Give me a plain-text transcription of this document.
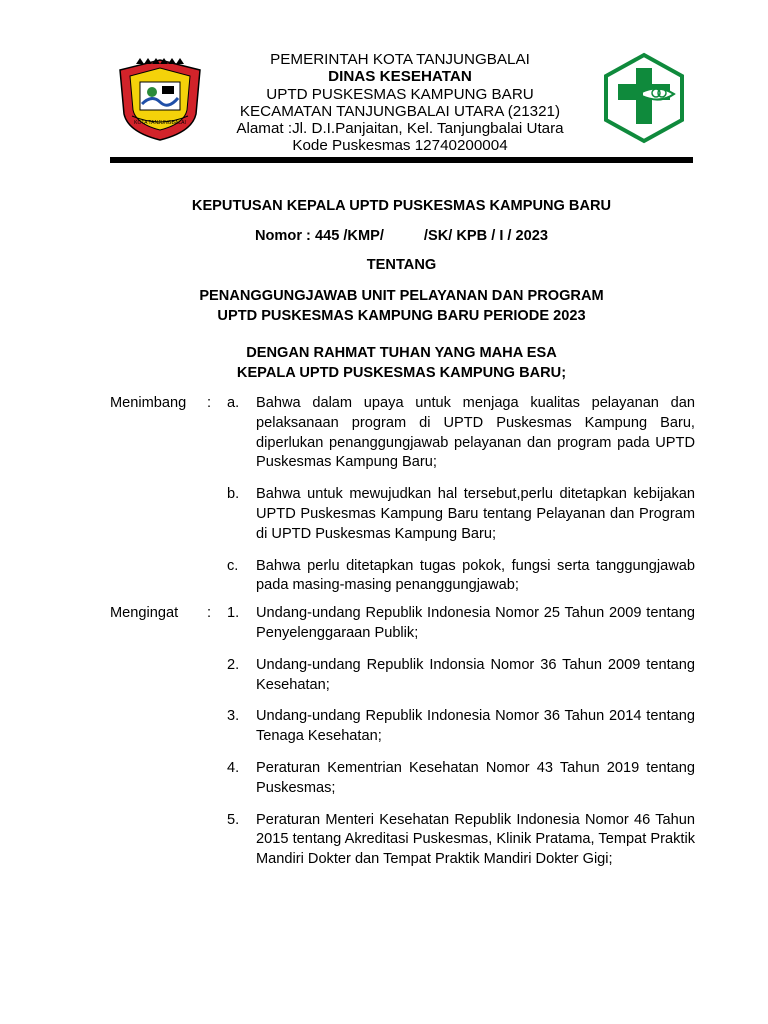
KOTA TANJUNGBALAI
PEMERINTAH KOTA TANJUNGBALAI
DINAS KESEHATAN
UPTD PUSKESMAS KAMPUNG BARU
KECAMATAN TANJUNGBALAI UTARA (21321)
Alamat :Jl. D.I.Panjaitan, Kel. Tanjungbalai Utara
Kode Puskesmas 12740200004
KEPUTUSAN KEPALA UPTD PUSKESMAS KAMPUNG BARU
Nomor : 445 /KMP/	/SK/ KPB / I / 2023
TENTANG
PENANGGUNGJAWAB UNIT PELAYANAN DAN PROGRAM
UPTD PUSKESMAS KAMPUNG BARU PERIODE 2023
DENGAN RAHMAT TUHAN YANG MAHA ESA
KEPALA UPTD PUSKESMAS KAMPUNG BARU;
Menimbang	:	a.	Bahwa dalam upaya untuk menjaga kualitas pelayanan dan pelaksanaan program di UPTD Puskesmas Kampung Baru, diperlukan penanggungjawab pelayanan dan program pada UPTD Puskesmas Kampung Baru;
b.	Bahwa untuk mewujudkan hal tersebut,perlu ditetapkan kebijakan UPTD Puskesmas Kampung Baru tentang Pelayanan dan Program di UPTD Puskesmas Kampung Baru;
c.	Bahwa perlu ditetapkan tugas pokok, fungsi serta tanggungjawab pada masing-masing penanggungjawab;
Mengingat	:	1.	Undang-undang Republik Indonesia Nomor 25 Tahun 2009 tentang Penyelenggaraan Publik;
2.	Undang-undang Republik Indonsia Nomor 36 Tahun 2009 tentang Kesehatan;
3.	Undang-undang Republik Indonesia Nomor 36 Tahun 2014 tentang Tenaga Kesehatan;
4.	Peraturan Kementrian Kesehatan Nomor 43 Tahun 2019 tentang Puskesmas;
5.	Peraturan Menteri Kesehatan Republik Indonesia Nomor 46 Tahun 2015 tentang Akreditasi Puskesmas, Klinik Pratama, Tempat Praktik Mandiri Dokter dan Tempat Praktik Mandiri Dokter Gigi;
